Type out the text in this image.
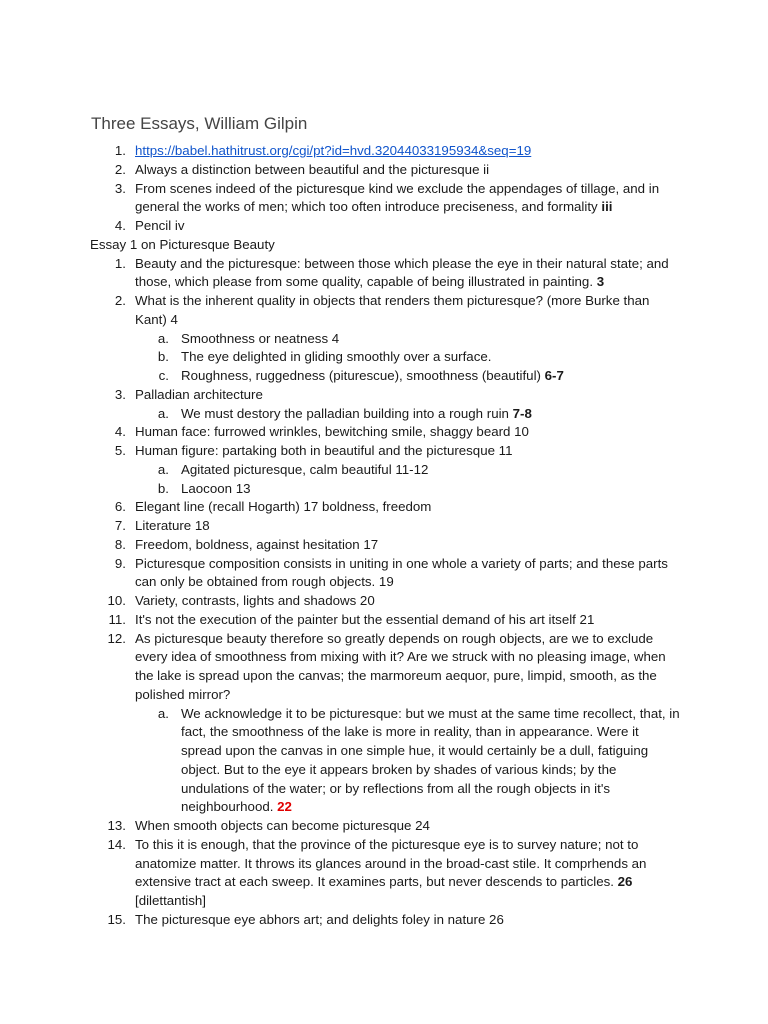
Three Essays, William Gilpin
1. https://babel.hathitrust.org/cgi/pt?id=hvd.32044033195934&seq=19
2. Always a distinction between beautiful and the picturesque ii
3. From scenes indeed of the picturesque kind we exclude the appendages of tillage, and in general the works of men; which too often introduce preciseness, and formality iii
4. Pencil iv
Essay 1 on Picturesque Beauty
1. Beauty and the picturesque: between those which please the eye in their natural state; and those, which please from some quality, capable of being illustrated in painting. 3
2. What is the inherent quality in objects that renders them picturesque? (more Burke than Kant) 4
a. Smoothness or neatness 4
b. The eye delighted in gliding smoothly over a surface.
c. Roughness, ruggedness (piturescue), smoothness (beautiful) 6-7
3. Palladian architecture
a. We must destory the palladian building into a rough ruin 7-8
4. Human face: furrowed wrinkles, bewitching smile, shaggy beard 10
5. Human figure: partaking both in beautiful and the picturesque 11
a. Agitated picturesque, calm beautiful 11-12
b. Laocoon 13
6. Elegant line (recall Hogarth) 17 boldness, freedom
7. Literature 18
8. Freedom, boldness, against hesitation 17
9. Picturesque composition consists in uniting in one whole a variety of parts; and these parts can only be obtained from rough objects. 19
10. Variety, contrasts, lights and shadows 20
11. It's not the execution of the painter but the essential demand of his art itself 21
12. As picturesque beauty therefore so greatly depends on rough objects, are we to exclude every idea of smoothness from mixing with it? Are we struck with no pleasing image, when the lake is spread upon the canvas; the marmoreum aequor, pure, limpid, smooth, as the polished mirror?
a. We acknowledge it to be picturesque: but we must at the same time recollect, that, in fact, the smoothness of the lake is more in reality, than in appearance. Were it spread upon the canvas in one simple hue, it would certainly be a dull, fatiguing object. But to the eye it appears broken by shades of various kinds; by the undulations of the water; or by reflections from all the rough objects in it's neighbourhood. 22
13. When smooth objects can become picturesque 24
14. To this it is enough, that the province of the picturesque eye is to survey nature; not to anatomize matter. It throws its glances around in the broad-cast stile. It comprhends an extensive tract at each sweep. It examines parts, but never descends to particles. 26 [dilettantish]
15. The picturesque eye abhors art; and delights foley in nature 26
